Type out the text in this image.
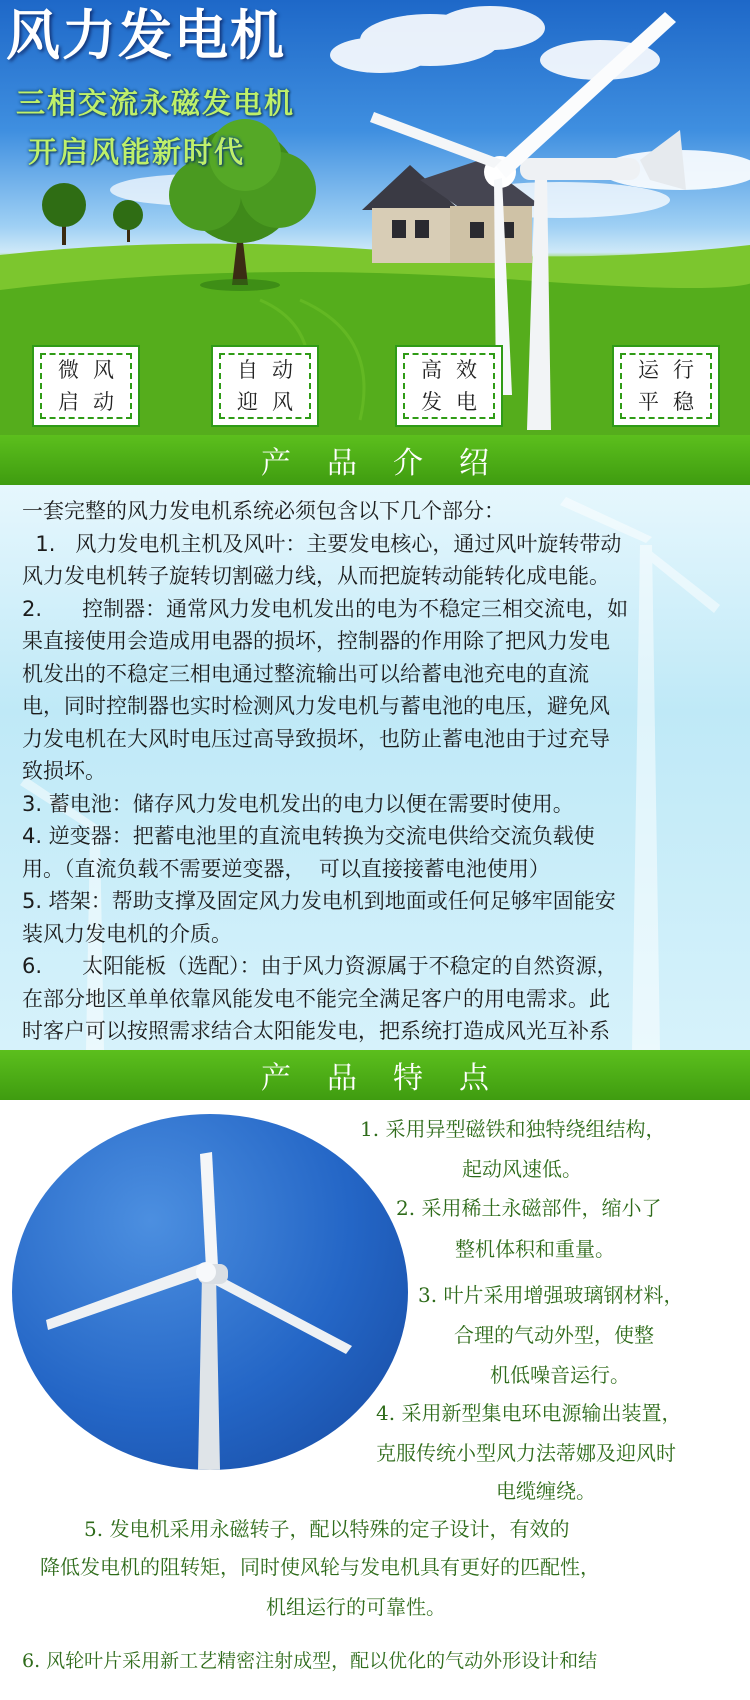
风力发电机
三相交流永磁发电机
开启风能新时代
微风
启动
自动
迎风
高效
发电
运行
平稳
产品介绍

一套完整的风力发电机系统必须包含以下几个部分：

1.   风力发电机主机及风叶：主要发电核心，通过风叶旋转带动

风力发电机转子旋转切割磁力线，从而把旋转动能转化成电能。

2.      控制器：通常风力发电机发出的电为不稳定三相交流电，如

果直接使用会造成用电器的损坏，控制器的作用除了把风力发电

机发出的不稳定三相电通过整流输出可以给蓄电池充电的直流

电，同时控制器也实时检测风力发电机与蓄电池的电压，避免风

力发电机在大风时电压过高导致损坏，也防止蓄电池由于过充导

致损坏。

3. 蓄电池：储存风力发电机发出的电力以便在需要时使用。

4. 逆变器：把蓄电池里的直流电转换为交流电供给交流负载使

用。（直流负载不需要逆变器，  可以直接接蓄电池使用）

5. 塔架：帮助支撑及固定风力发电机到地面或任何足够牢固能安

装风力发电机的介质。

6.      太阳能板（选配）：由于风力资源属于不稳定的自然资源，

在部分地区单单依靠风能发电不能完全满足客户的用电需求。此

时客户可以按照需求结合太阳能发电，把系统打造成风光互补系

产品特点
1. 采用异型磁铁和独特绕组结构，
起动风速低。
2. 采用稀土永磁部件，缩小了
整机体积和重量。
3. 叶片采用增强玻璃钢材料，
合理的气动外型，使整
机低噪音运行。
4. 采用新型集电环电源输出装置，
克服传统小型风力法蒂娜及迎风时
电缆缠绕。
5. 发电机采用永磁转子，配以特殊的定子设计，有效的
降低发电机的阻转矩，同时使风轮与发电机具有更好的匹配性，
机组运行的可靠性。
6. 风轮叶片采用新工艺精密注射成型，配以优化的气动外形设计和结
